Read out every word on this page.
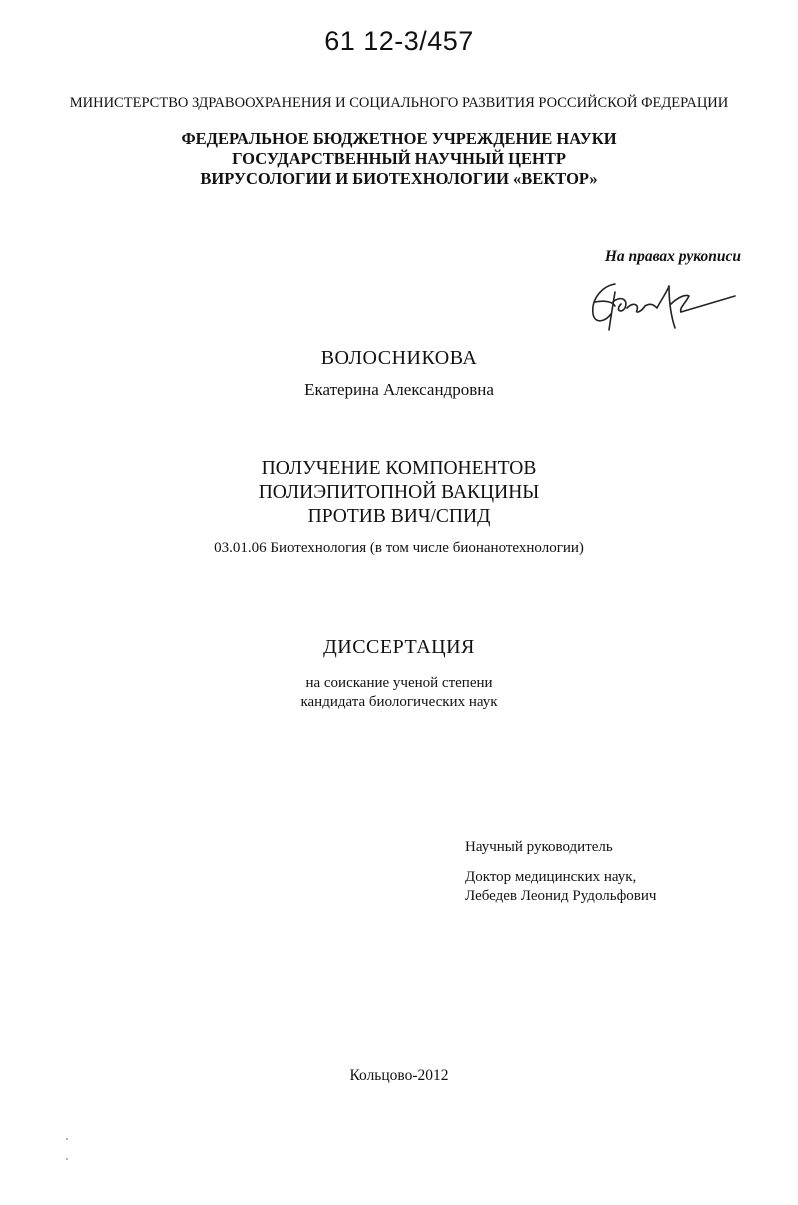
61 12-3/457
МИНИСТЕРСТВО ЗДРАВООХРАНЕНИЯ И СОЦИАЛЬНОГО РАЗВИТИЯ РОССИЙСКОЙ ФЕДЕРАЦИИ
ФЕДЕРАЛЬНОЕ БЮДЖЕТНОЕ УЧРЕЖДЕНИЕ НАУКИ
ГОСУДАРСТВЕННЫЙ НАУЧНЫЙ ЦЕНТР
ВИРУСОЛОГИИ И БИОТЕХНОЛОГИИ «ВЕКТОР»
На правах рукописи
ВОЛОСНИКОВА
Екатерина Александровна
ПОЛУЧЕНИЕ КОМПОНЕНТОВ
ПОЛИЭПИТОПНОЙ ВАКЦИНЫ
ПРОТИВ ВИЧ/СПИД
03.01.06 Биотехнология (в том числе бионанотехнологии)
ДИССЕРТАЦИЯ
на соискание ученой степени
кандидата биологических наук
Научный руководитель
Доктор медицинских наук,
Лебедев Леонид Рудольфович
Кольцово-2012
